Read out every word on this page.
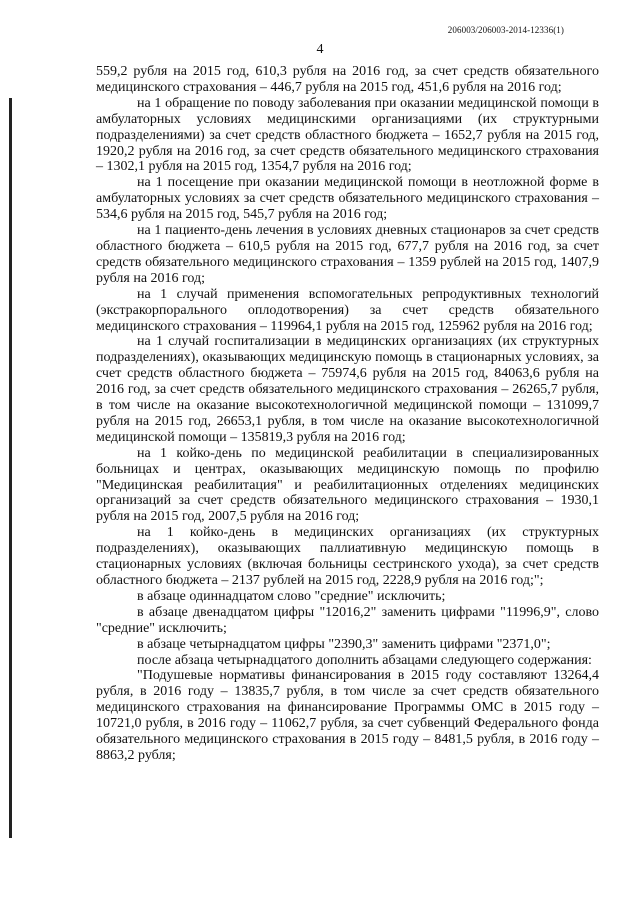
206003/206003-2014-12336(1)
4

559,2 рубля на 2015 год, 610,3 рубля на 2016 год, за счет средств обязательного медицинского страхования – 446,7 рубля на 2015 год, 451,6 рубля на 2016 год;

на 1 обращение по поводу заболевания при оказании медицинской помощи в амбулаторных условиях медицинскими организациями (их структурными подразделениями) за счет средств областного бюджета – 1652,7 рубля на 2015 год, 1920,2 рубля на 2016 год, за счет средств обязательного медицинского страхования – 1302,1 рубля на 2015 год, 1354,7 рубля на 2016 год;

на 1 посещение при оказании медицинской помощи в неотложной форме в амбулаторных условиях за счет средств обязательного медицинского страхования – 534,6 рубля на 2015 год, 545,7 рубля на 2016 год;

на 1 пациенто-день лечения в условиях дневных стационаров за счет средств областного бюджета – 610,5 рубля на 2015 год, 677,7 рубля на 2016 год, за счет средств обязательного медицинского страхования – 1359 рублей на 2015 год, 1407,9 рубля на 2016 год;

на 1 случай применения вспомогательных репродуктивных технологий (экстракорпорального оплодотворения) за счет средств обязательного медицинского страхования – 119964,1 рубля на 2015 год, 125962 рубля на 2016 год;

на 1 случай госпитализации в медицинских организациях (их структурных подразделениях), оказывающих медицинскую помощь в стационарных условиях, за счет средств областного бюджета – 75974,6 рубля на 2015 год, 84063,6 рубля на 2016 год, за счет средств обязательного медицинского страхования – 26265,7 рубля, в том числе на оказание высокотехнологичной медицинской помощи – 131099,7 рубля на 2015 год, 26653,1 рубля, в том числе на оказание высокотехнологичной медицинской помощи – 135819,3 рубля на 2016 год;

на 1 койко-день по медицинской реабилитации в специализированных больницах и центрах, оказывающих медицинскую помощь по профилю "Медицинская реабилитация" и реабилитационных отделениях медицинских организаций за счет средств обязательного медицинского страхования – 1930,1 рубля на 2015 год, 2007,5 рубля на 2016 год;

на 1 койко-день в медицинских организациях (их структурных подразделениях), оказывающих паллиативную медицинскую помощь в стационарных условиях (включая больницы сестринского ухода), за счет средств областного бюджета – 2137 рублей на 2015 год, 2228,9 рубля на 2016 год;";

в абзаце одиннадцатом слово "средние" исключить;

в абзаце двенадцатом цифры "12016,2" заменить цифрами "11996,9", слово "средние" исключить;

в абзаце четырнадцатом цифры "2390,3" заменить цифрами "2371,0";

после абзаца четырнадцатого дополнить абзацами следующего содержания:

"Подушевые нормативы финансирования в 2015 году составляют 13264,4 рубля, в 2016 году – 13835,7 рубля, в том числе за счет средств обязательного медицинского страхования на финансирование Программы ОМС в 2015 году – 10721,0 рубля, в 2016 году – 11062,7 рубля, за счет субвенций Федерального фонда обязательного медицинского страхования в 2015 году – 8481,5 рубля, в 2016 году – 8863,2 рубля;
